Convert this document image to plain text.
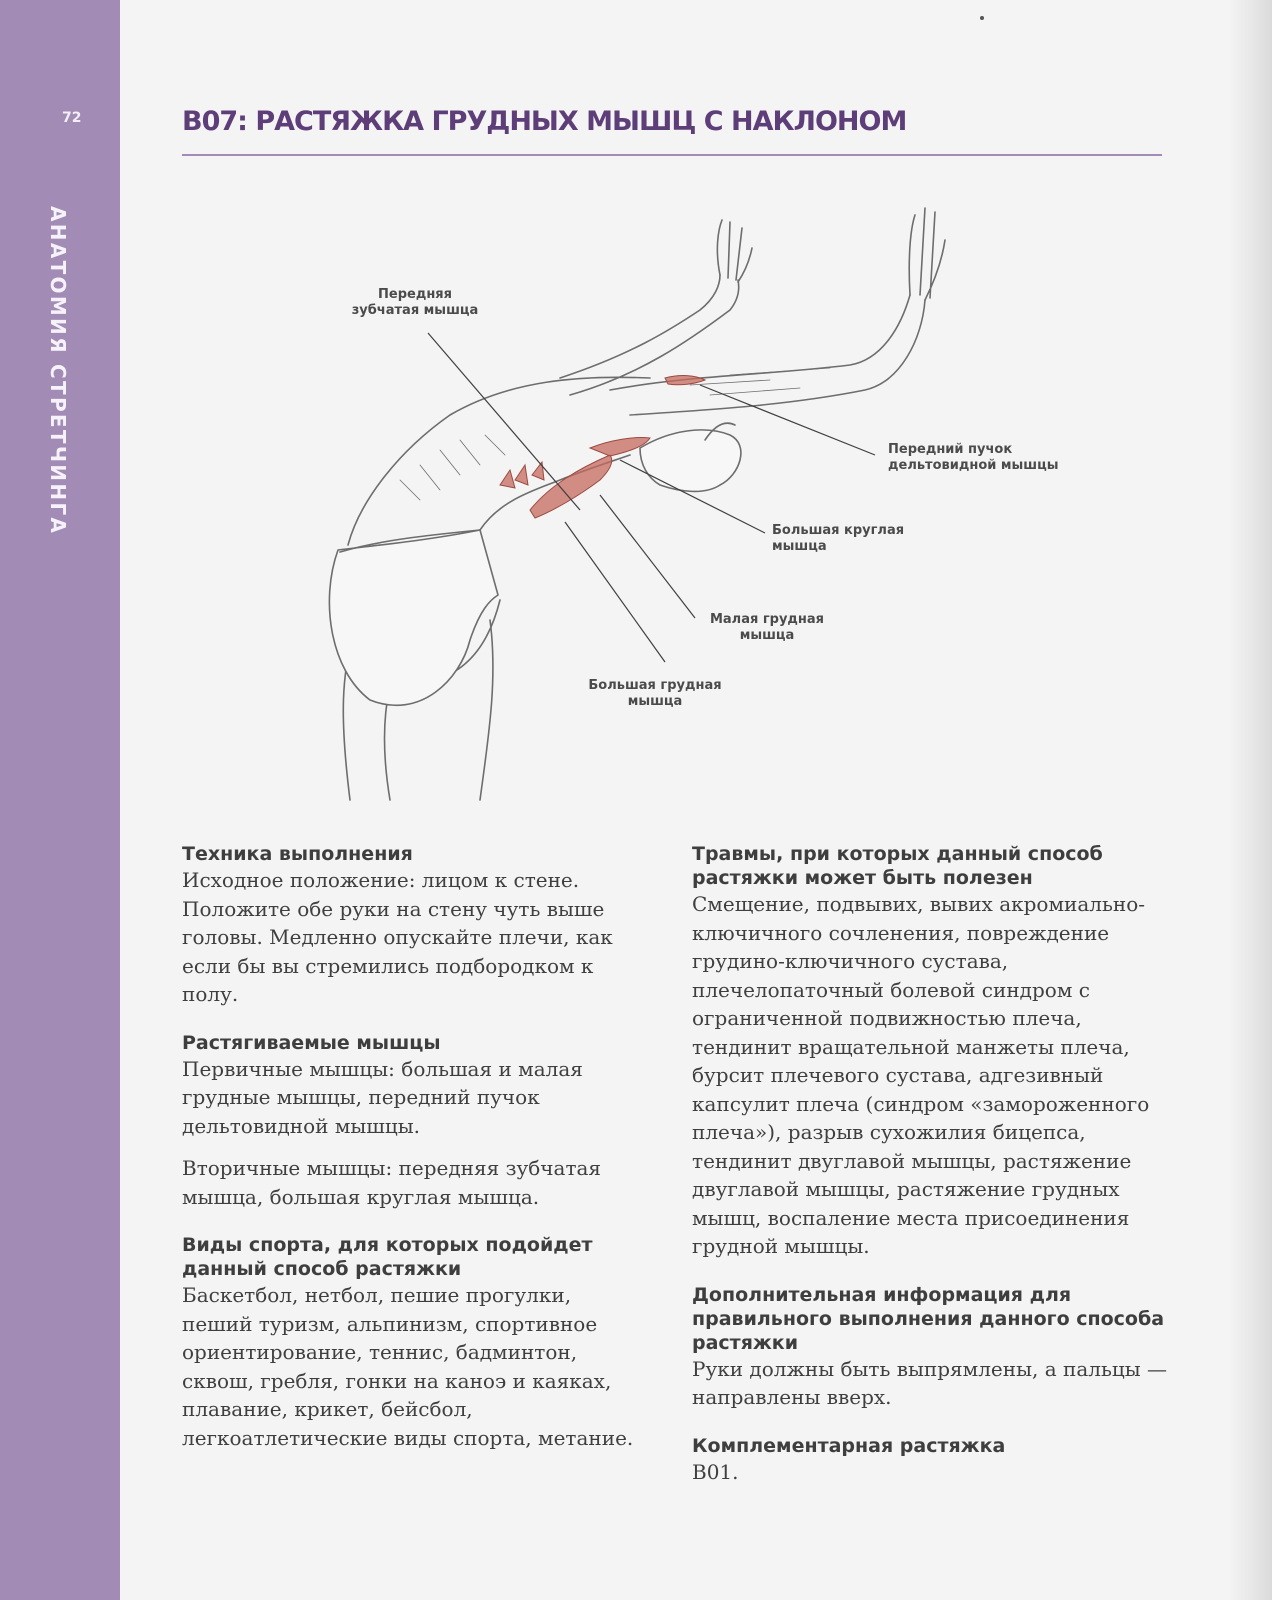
72
АНАТОМИЯ СТРЕТЧИНГА
B07: РАСТЯЖКА ГРУДНЫХ МЫШЦ С НАКЛОНОМ

Передняя
зубчатая мышца

Передний пучок
дельтовидной мышцы

Большая круглая
мышца

Малая грудная
мышца

Большая грудная
мышца

Техника выполнения

Исходное положение: лицом к стене. Положите обе руки на стену чуть выше головы. Медленно опускайте плечи, как если бы вы стремились подбородком к полу.

Растягиваемые мышцы

Первичные мышцы: большая и малая грудные мышцы, передний пучок дельтовидной мышцы.

Вторичные мышцы: передняя зубчатая мышца, большая круглая мышца.

Виды спорта, для которых подойдет данный способ растяжки

Баскетбол, нетбол, пешие прогулки, пеший туризм, альпинизм, спортивное ориентирование, теннис, бадминтон, сквош, гребля, гонки на каноэ и каяках, плавание, крикет, бейсбол, легкоатлетические виды спорта, метание.

Травмы, при которых данный способ растяжки может быть полезен

Смещение, подвывих, вывих акромиально-ключичного сочленения, повреждение грудино-ключичного сустава, плечелопаточный болевой синдром с ограниченной подвижностью плеча, тендинит вращательной манжеты плеча, бурсит плечевого сустава, адгезивный капсулит плеча (синдром «замороженного плеча»), разрыв сухожилия бицепса, тендинит двуглавой мышцы, растяжение двуглавой мышцы, растяжение грудных мышц, воспаление места присоединения грудной мышцы.

Дополнительная информация для правильного выполнения данного способа растяжки

Руки должны быть выпрямлены, а пальцы — направлены вверх.

Комплементарная растяжка

B01.
